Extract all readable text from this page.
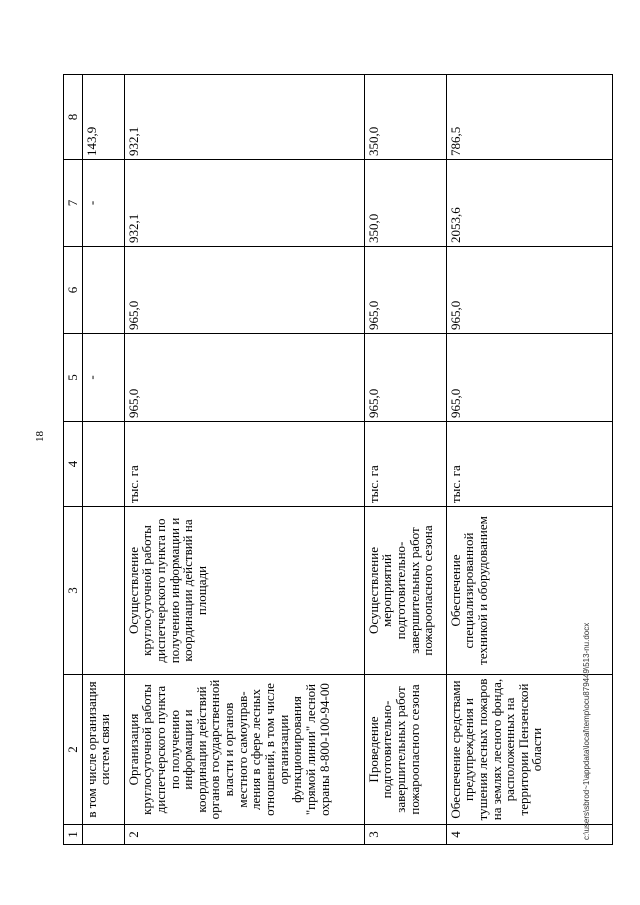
18
1	2	3	4	5	6	7	8
	в том числе организация систем связи			-		-	143,9
2	Организация круглосуточной работы диспетчерского пункта по получению информации и координации действий органов государственной власти и органов местного самоуправ- ления в сфере лесных отношений, в том числе организации функционирования "прямой линии" лесной охраны 8-800-100-94-00	Осуществление круглосуточной работы диспетчерского пункта по получению информации и координации действий на площади	тыс. га	965,0	965,0	932,1	932,1
3	Проведение подготовительно- завершительных работ пожароопасного сезона	Осуществление мероприятий подготовительно- завершительных работ пожароопасного сезона	тыс. га	965,0	965,0	350,0	350,0
4	Обеспечение средствами предупреждения и тушения лесных пожаров на землях лесного фонда, расположенных на территории Пензенской области	Обеспечение специализированной техникой и оборудованием	тыс. га	965,0	965,0	2053,6	786,5
c:\users\sbrod~1\appdata\local\temp\ocu879449\513-nu.docx
